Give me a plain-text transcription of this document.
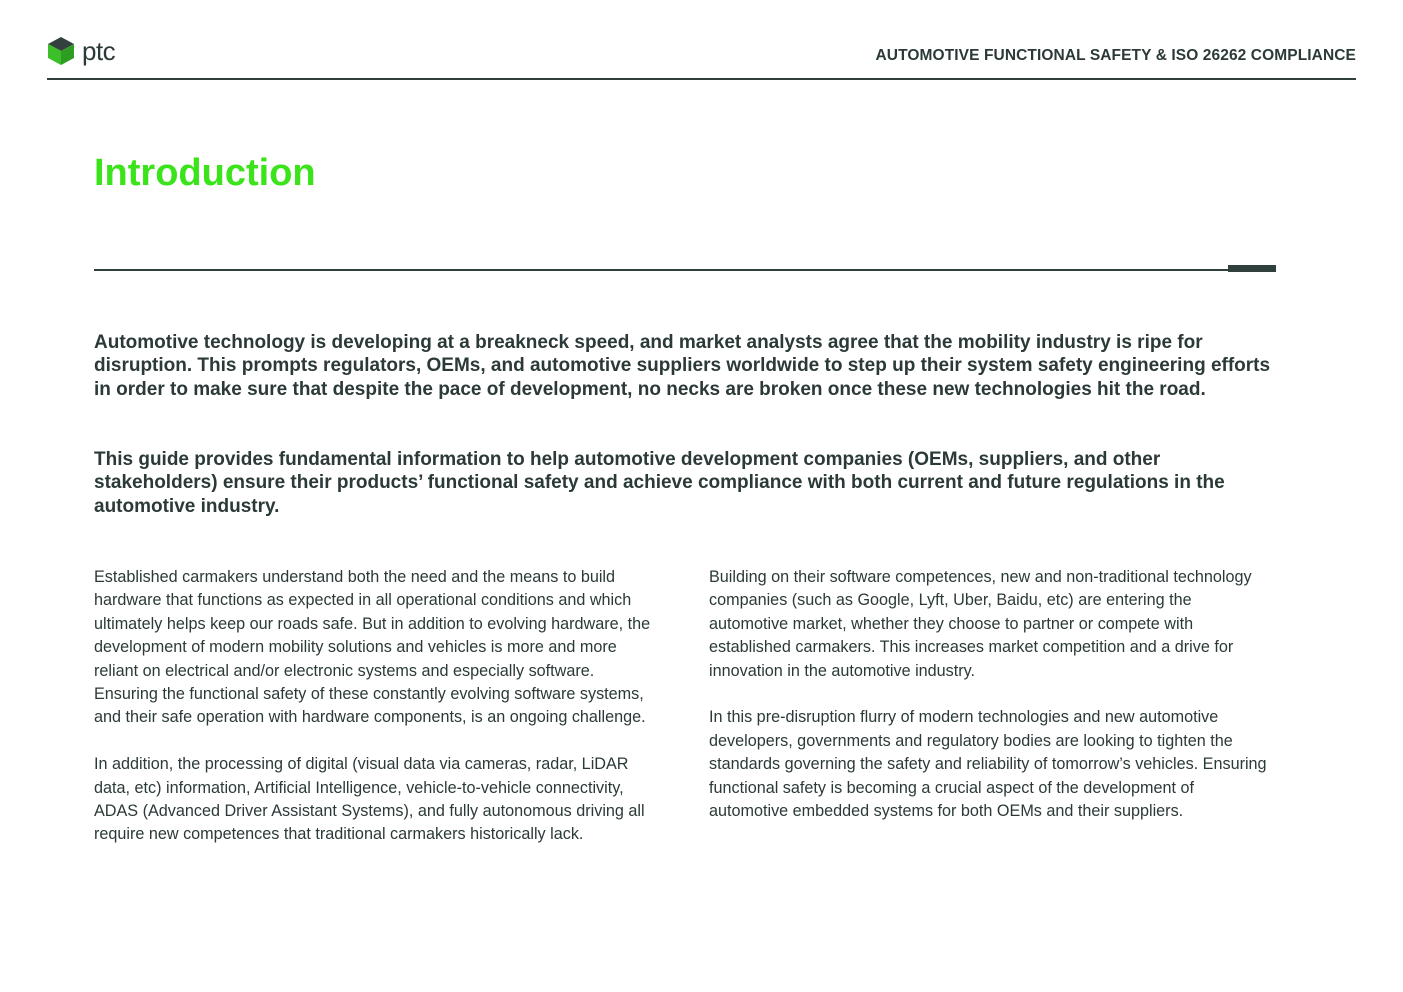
ptc	AUTOMOTIVE FUNCTIONAL SAFETY & ISO 26262 COMPLIANCE
Introduction

Automotive technology is developing at a breakneck speed, and market analysts agree that the mobility industry is ripe for disruption. This prompts regulators, OEMs, and automotive suppliers worldwide to step up their system safety engineering efforts in order to make sure that despite the pace of development, no necks are broken once these new technologies hit the road.

This guide provides fundamental information to help automotive development companies (OEMs, suppliers, and other stakeholders) ensure their products’ functional safety and achieve compliance with both current and future regulations in the automotive industry.

Established carmakers understand both the need and the means to build hardware that functions as expected in all operational conditions and which ultimately helps keep our roads safe. But in addition to evolving hardware, the development of modern mobility solutions and vehicles is more and more reliant on electrical and/or electronic systems and especially software. Ensuring the functional safety of these constantly evolving software systems, and their safe operation with hardware components, is an ongoing challenge.

In addition, the processing of digital (visual data via cameras, radar, LiDAR data, etc) information, Artificial Intelligence, vehicle-to-vehicle connectivity, ADAS (Advanced Driver Assistant Systems), and fully autonomous driving all require new competences that traditional carmakers historically lack.

Building on their software competences, new and non-traditional technology companies (such as Google, Lyft, Uber, Baidu, etc) are entering the automotive market, whether they choose to partner or compete with established carmakers. This increases market competition and a drive for innovation in the automotive industry.

In this pre-disruption flurry of modern technologies and new automotive developers, governments and regulatory bodies are looking to tighten the standards governing the safety and reliability of tomorrow’s vehicles. Ensuring functional safety is becoming a crucial aspect of the development of automotive embedded systems for both OEMs and their suppliers.
